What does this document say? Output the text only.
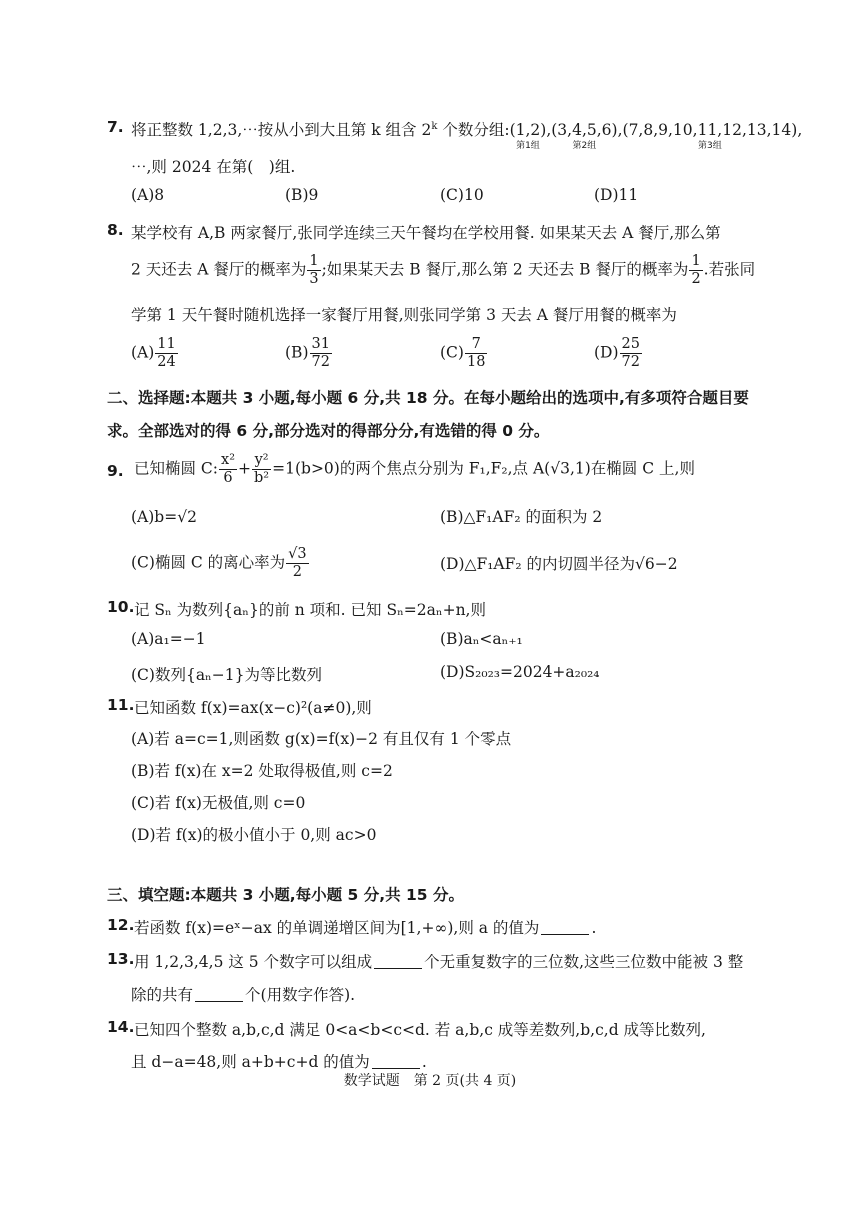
7. 将正整数 1,2,3,⋯按从小到大且第 k 组含 2$^k$ 个数分组:(1,2)
第1组
,(3,4,5,6)
第2组
,(7,8,9,10,11,12,13,14)
第3组
,
⋯,则 2024 在第(　)组.
(A)8	(B)9	(C)10	(D)11
8. 某学校有 A,B 两家餐厅,张同学连续三天午餐均在学校用餐. 如果某天去 A 餐厅,那么第
2 天还去 A 餐厅的概率为 $\frac{1}{3}$ ;如果某天去 B 餐厅,那么第 2 天还去 B 餐厅的概率为 $\frac{1}{2}$ .若张同
学第 1 天午餐时随机选择一家餐厅用餐,则张同学第 3 天去 A 餐厅用餐的概率为
$(A) \frac{11}{24}$	$(B) \frac{31}{72}$	$(C) \frac{7}{18}$	$(D) \frac{25}{72}$
二、选择题:本题共 3 小题,每小题 6 分,共 18 分。在每小题给出的选项中,有多项符合题目要
求。全部选对的得 6 分,部分选对的得部分分,有选错的得 0 分。
9. 已知椭圆 C: $\frac{\text{x²}}{6} + \frac{\text{y²}}{\text{b²}} =1(b>0)$的两个焦点分别为 F₁,F₂,点 A(√3,1)在椭圆 C 上,则
(A)b=√2	(B)△F₁AF₂ 的面积为 2
(C)椭圆 C 的离心率为 $\frac{√3}{2}$	(D)△F₁AF₂ 的内切圆半径为√6−2
10. 记 Sₙ 为数列{aₙ}的前 n 项和. 已知 Sₙ=2aₙ+n,则
(A)a₁=−1	(B)aₙ<aₙ₊₁
(C)数列{aₙ−1}为等比数列	(D)S₂₀₂₃=2024+a₂₀₂₄
11. 已知函数 f(x)=ax(x−c)²(a≠0),则
(A)若 a=c=1,则函数 g(x)=f(x)−2 有且仅有 1 个零点
(B)若 f(x)在 x=2 处取得极值,则 c=2
(C)若 f(x)无极值,则 c=0
(D)若 f(x)的极小值小于 0,则 ac>0
三、填空题:本题共 3 小题,每小题 5 分,共 15 分。
12. 若函数 f(x)=eˣ−ax 的单调递增区间为[1,+∞),则 a 的值为	.
13. 用 1,2,3,4,5 这 5 个数字可以组成	个无重复数字的三位数,这些三位数中能被 3 整
除的共有	个(用数字作答).
14. 已知四个整数 a,b,c,d 满足 0<a<b<c<d. 若 a,b,c 成等差数列,b,c,d 成等比数列,
且 d−a=48,则 a+b+c+d 的值为	.
数学试题　第 2 页(共 4 页)
